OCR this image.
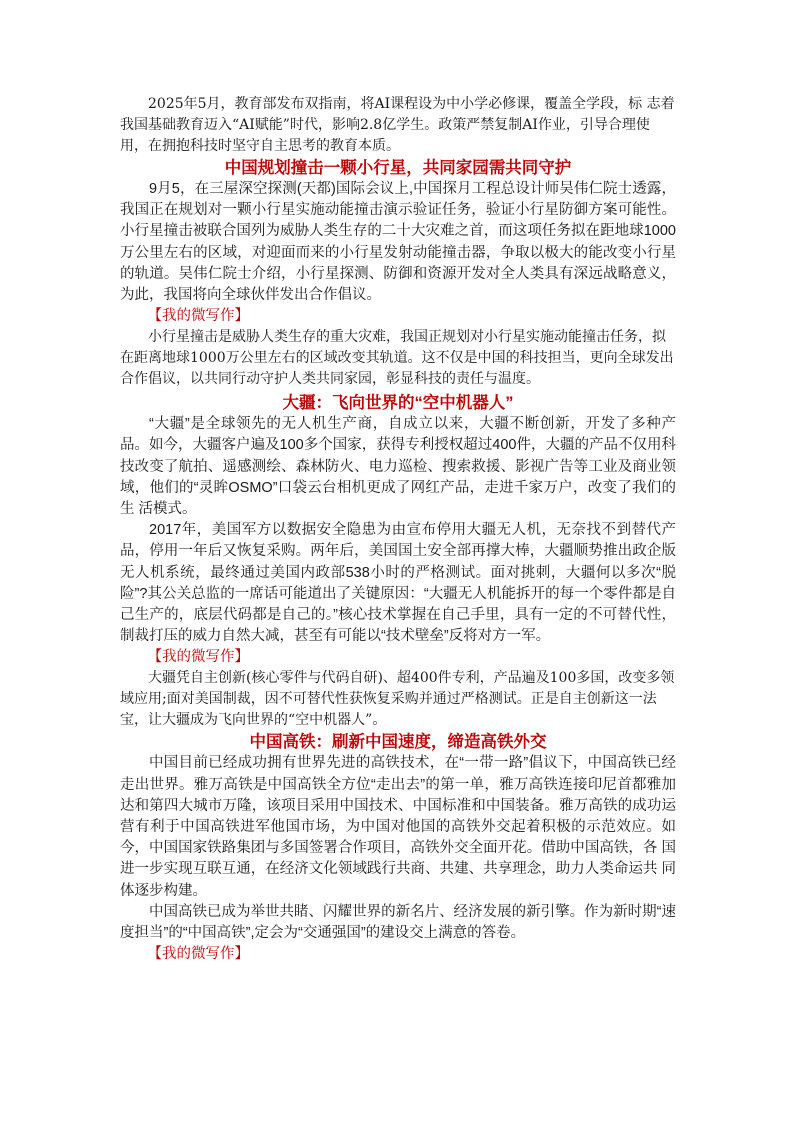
2025年5月，教育部发布双指南，将AI课程设为中小学必修课，覆盖全学段，标 志着我国基础教育迈入“AI赋能”时代，影响2.8亿学生。政策严禁复制AI作业，引导合理使用，在拥抱科技时坚守自主思考的教育本质。

中国规划撞击一颗小行星，共同家园需共同守护

9月5，在三屋深空探测(天都)国际会议上,中国探月工程总设计师吴伟仁院士透露，我国正在规划对一颗小行星实施动能撞击演示验证任务，验证小行星防御方案可能性。小行星撞击被联合国列为威胁人类生存的二十大灾难之首，而这项任务拟在距地球1000万公里左右的区域，对迎面而来的小行星发射动能撞击器，争取以极大的能改变小行星的轨道。吴伟仁院士介绍，小行星探测、防御和资源开发对全人类具有深远战略意义，为此，我国将向全球伙伴发出合作倡议。

【我的微写作】

小行星撞击是威胁人类生存的重大灾难，我国正规划对小行星实施动能撞击任务，拟在距离地球1000万公里左右的区域改变其轨道。这不仅是中国的科技担当，更向全球发出合作倡议，以共同行动守护人类共同家园，彰显科技的责任与温度。

大疆：飞向世界的“空中机器人”

“大疆”是全球领先的无人机生产商，自成立以来，大疆不断创新，开发了多种产品。如今，大疆客户遍及100多个国家，获得专利授权超过400件，大疆的产品不仅用科技改变了航拍、遥感测绘、森林防火、电力巡检、搜索救援、影视广告等工业及商业领域，他们的“灵眸OSMO”口袋云台相机更成了网红产品，走进千家万户，改变了我们的生 活模式。

2017年，美国军方以数据安全隐患为由宣布停用大疆无人机，无奈找不到替代产品，停用一年后又恢复采购。两年后，美国国土安全部再撑大棒，大疆顺势推出政企版无人机系统，最终通过美国内政部538小时的严格测试。面对挑刺，大疆何以多次“脱险”?其公关总监的一席话可能道出了关键原因：“大疆无人机能拆开的每一个零件都是自己生产的，底层代码都是自己的。”核心技术掌握在自己手里，具有一定的不可替代性，制裁打压的威力自然大减，甚至有可能以“技术壁垒”反将对方一军。

【我的微写作】

大疆凭自主创新(核心零件与代码自研)、超400件专利，产品遍及100多国，改变多领域应用;面对美国制裁，因不可替代性获恢复采购并通过严格测试。正是自主创新这一法宝，让大疆成为飞向世界的“空中机器人”。

中国高铁：刷新中国速度，缔造高铁外交

中国目前已经成功拥有世界先进的高铁技术，在“一带一路”倡议下，中国高铁已经走出世界。雅万高铁是中国高铁全方位“走出去”的第一单，雅万高铁连接印尼首都雅加达和第四大城市万隆，该项目采用中国技术、中国标准和中国装备。雅万高铁的成功运营有利于中国高铁进军他国市场，为中国对他国的高铁外交起着积极的示范效应。如今，中国国家铁路集团与多国签署合作项目，高铁外交全面开花。借助中国高铁，各 国进一步实现互联互通，在经济文化领域践行共商、共建、共享理念，助力人类命运共 同体逐步构建。

中国高铁已成为举世共睹、闪耀世界的新名片、经济发展的新引擎。作为新时期“速度担当”的“中国高铁”,定会为“交通强国”的建设交上满意的答卷。

【我的微写作】
